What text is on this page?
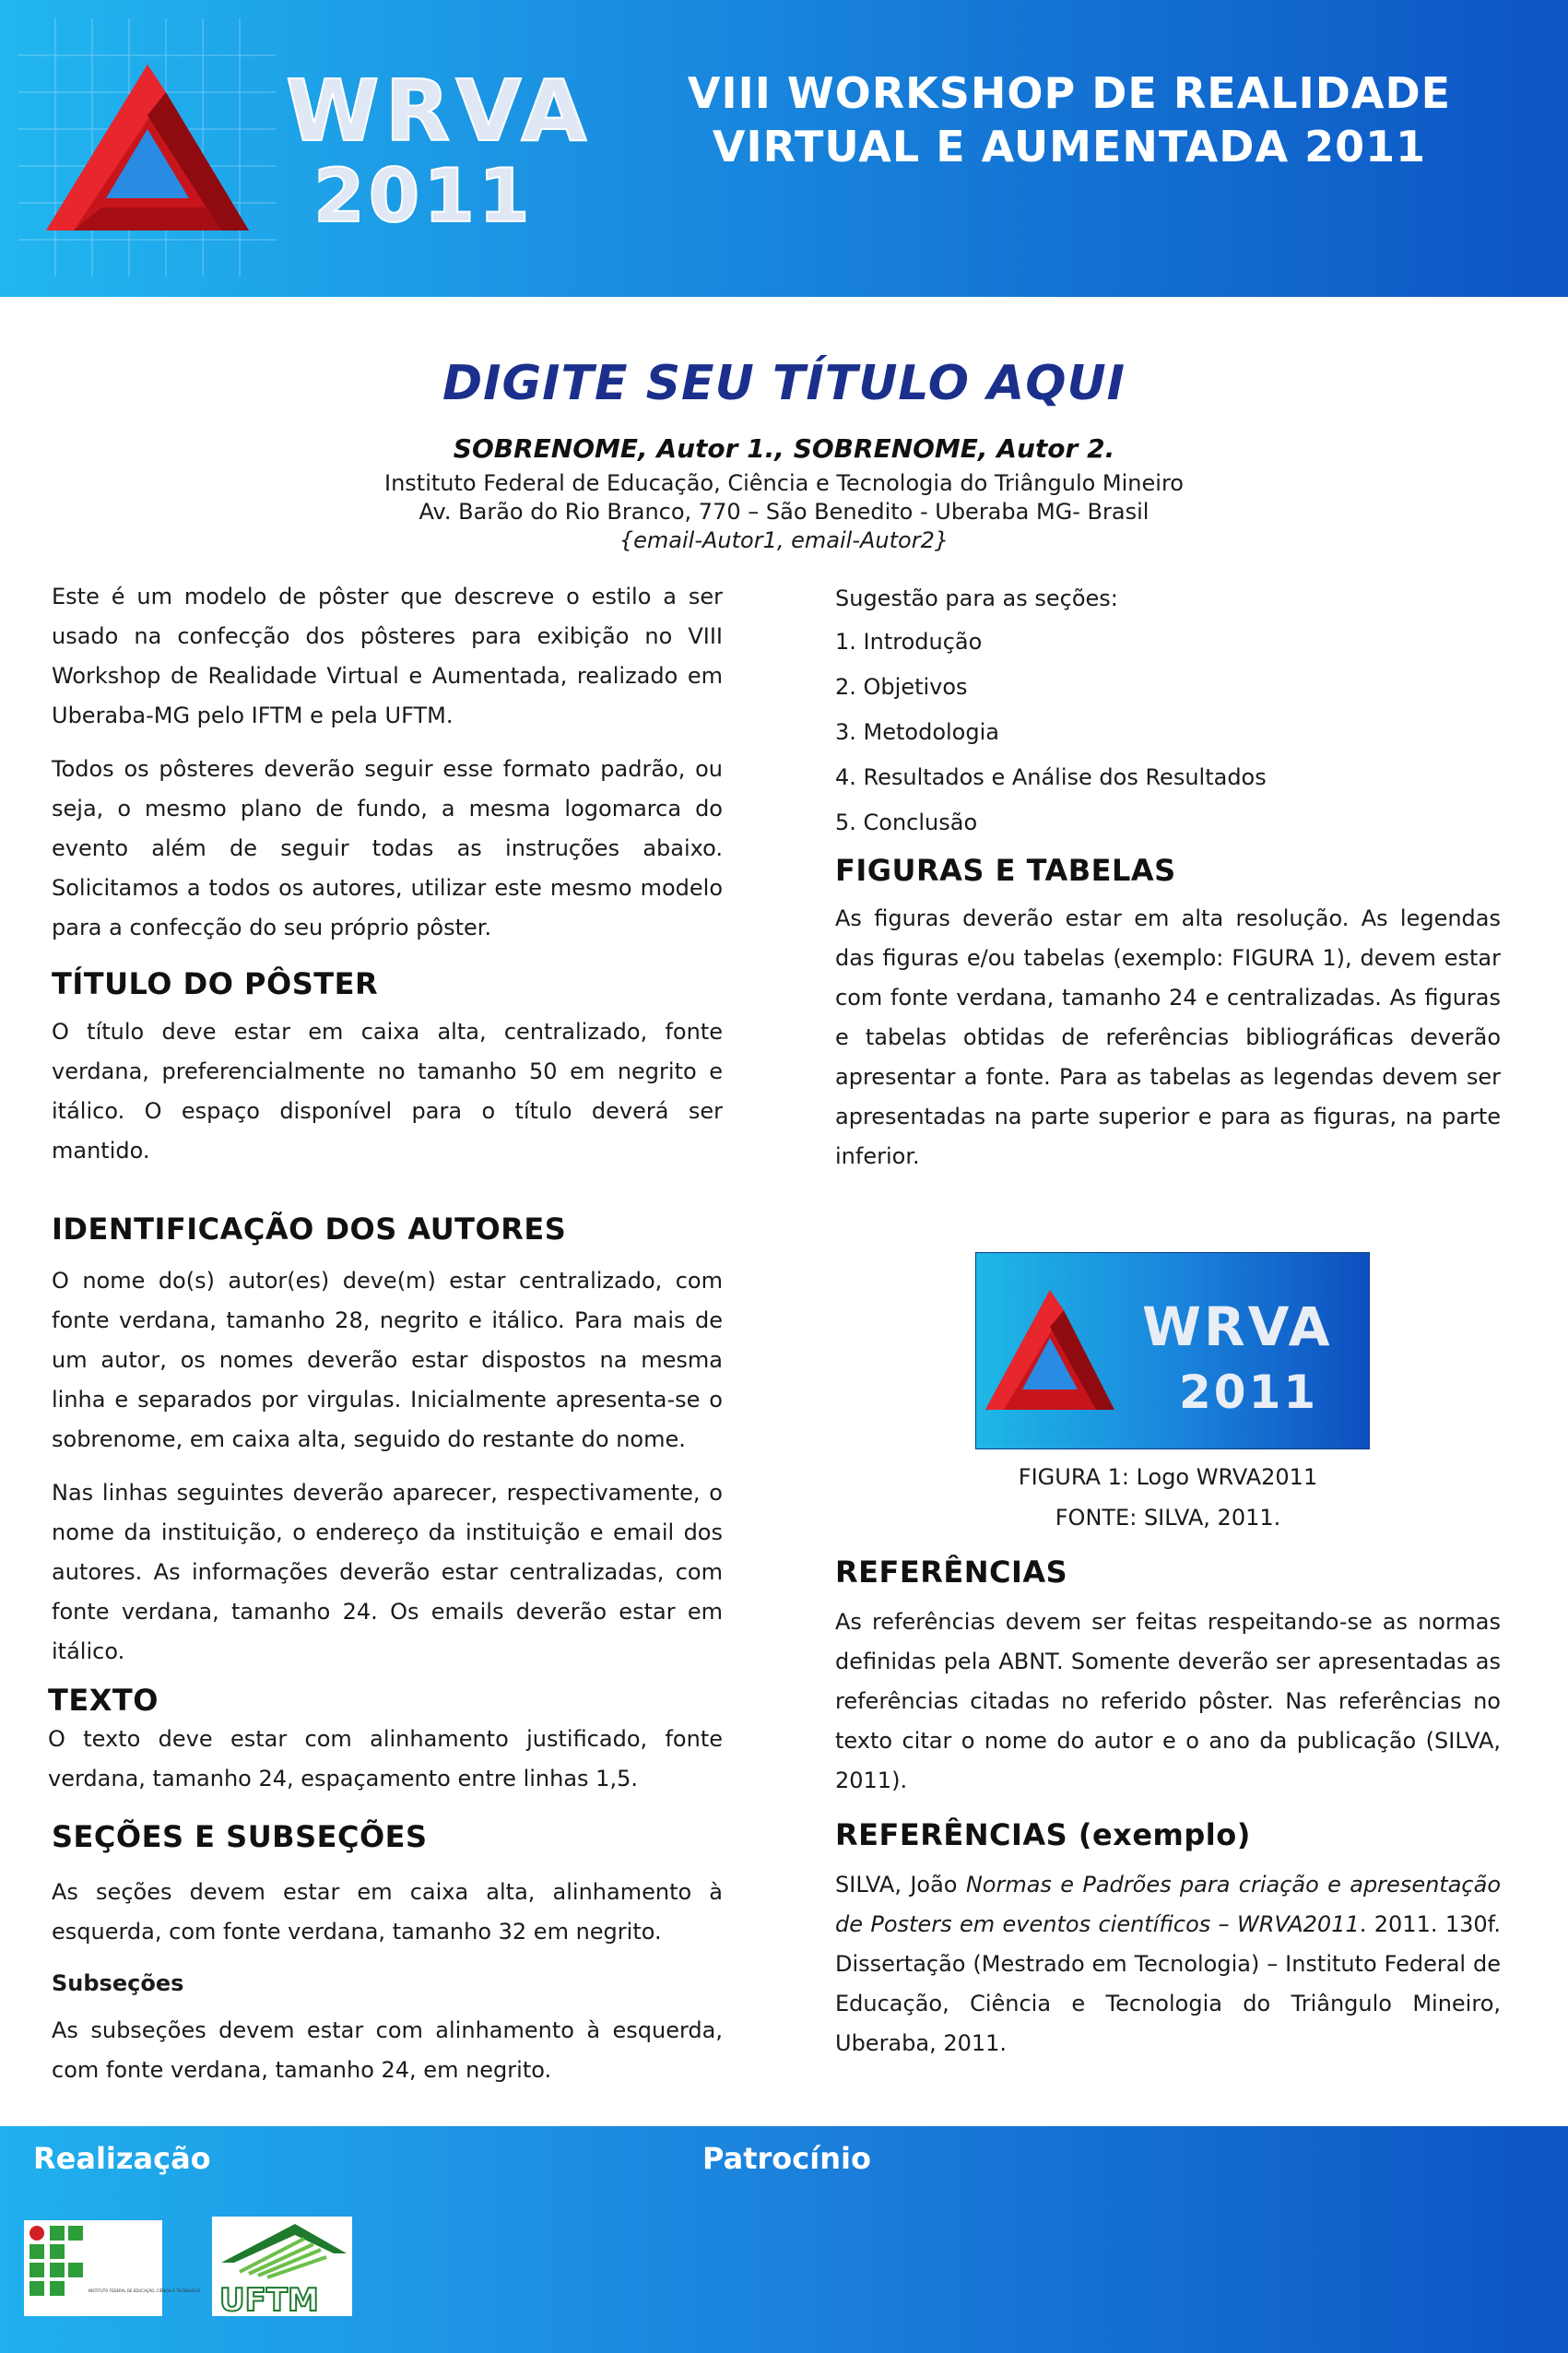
WRVA
2011
VIII WORKSHOP DE REALIDADE
VIRTUAL E AUMENTADA 2011
DIGITE SEU TÍTULO AQUI
SOBRENOME, Autor 1., SOBRENOME, Autor 2.
Instituto Federal de Educação, Ciência e Tecnologia do Triângulo Mineiro
Av. Barão do Rio Branco, 770 – São Benedito - Uberaba MG- Brasil
{email-Autor1, email-Autor2}

Este é um modelo de pôster que descreve o estilo a ser usado na confecção dos pôsteres para exibição no VIII Workshop de Realidade Virtual e Aumentada, realizado em Uberaba-MG pelo IFTM e pela UFTM.

Todos os pôsteres deverão seguir esse formato padrão, ou seja, o mesmo plano de fundo, a mesma logomarca do evento além de seguir todas as instruções abaixo. Solicitamos a todos os autores, utilizar este mesmo modelo para a confecção do seu próprio pôster.

TÍTULO DO PÔSTER

O título deve estar em caixa alta, centralizado, fonte verdana, preferencialmente no tamanho 50 em negrito e itálico. O espaço disponível para o título deverá ser mantido.

IDENTIFICAÇÃO DOS AUTORES

O nome do(s) autor(es) deve(m) estar centralizado, com fonte verdana, tamanho 28, negrito e itálico. Para mais de um autor, os nomes deverão estar dispostos na mesma linha e separados por virgulas. Inicialmente apresenta-se o sobrenome, em caixa alta, seguido do restante do nome.

Nas linhas seguintes deverão aparecer, respectivamente, o nome da instituição, o endereço da instituição e email dos autores. As informações deverão estar centralizadas, com fonte verdana, tamanho 24. Os emails deverão estar em itálico.

TEXTO

O texto deve estar com alinhamento justificado, fonte verdana, tamanho 24, espaçamento entre linhas 1,5.

SEÇÕES E SUBSEÇÕES

As seções devem estar em caixa alta, alinhamento à esquerda, com fonte verdana, tamanho 32 em negrito.

Subseções

As subseções devem estar com alinhamento à esquerda, com fonte verdana, tamanho 24, em negrito.

Sugestão para as seções:

1. Introdução

2. Objetivos

3. Metodologia

4. Resultados e Análise dos Resultados

5. Conclusão

FIGURAS E TABELAS

As figuras deverão estar em alta resolução. As legendas das figuras e/ou tabelas (exemplo: FIGURA 1), devem estar com fonte verdana, tamanho 24 e centralizadas. As figuras e tabelas obtidas de referências bibliográficas deverão apresentar a fonte. Para as tabelas as legendas devem ser apresentadas na parte superior e para as figuras, na parte inferior.

WRVA
2011
FIGURA 1: Logo WRVA2011
FONTE: SILVA, 2011.
REFERÊNCIAS

As referências devem ser feitas respeitando-se as normas definidas pela ABNT. Somente deverão ser apresentadas as referências citadas no referido pôster. Nas referências no texto citar o nome do autor e o ano da publicação (SILVA, 2011).

REFERÊNCIAS (exemplo)

SILVA, João Normas e Padrões para criação e apresentação de Posters em eventos científicos – WRVA2011. 2011. 130f. Dissertação (Mestrado em Tecnologia) – Instituto Federal de Educação, Ciência e Tecnologia do Triângulo Mineiro, Uberaba, 2011.

Realização	Patrocínio
INSTITUTO FEDERAL DE EDUCAÇÃO, CIÊNCIA E TECNOLOGIA UFTM
